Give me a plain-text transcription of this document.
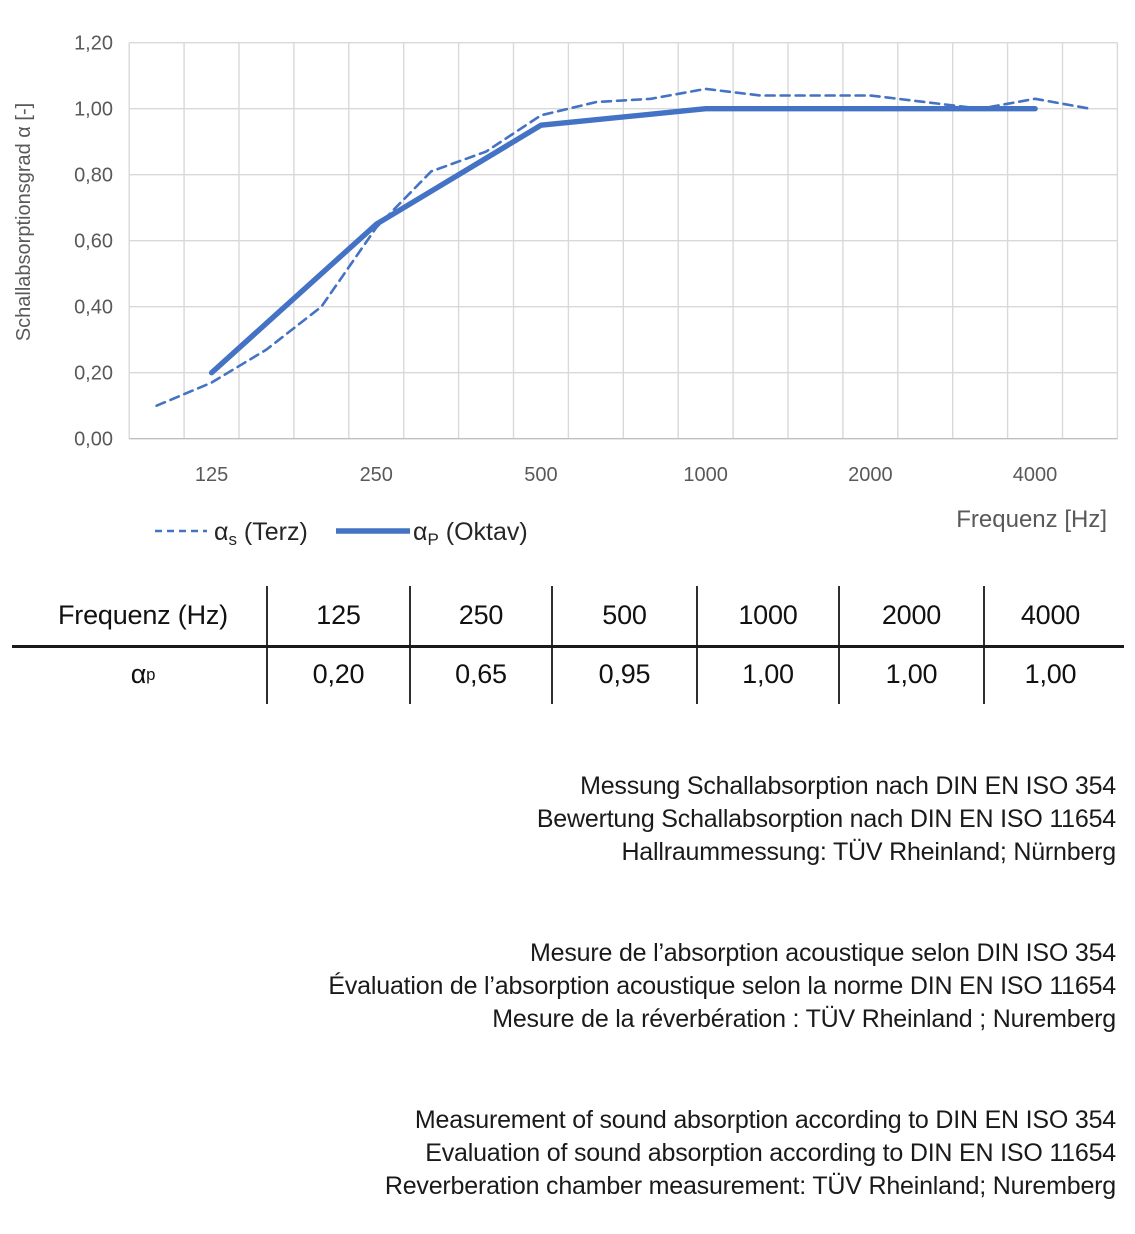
1,20
1,00
0,80
0,60
0,40
0,20
0,00
125	250	500	1000	2000	4000
Schallabsorptionsgrad α [-]
Frequenz [Hz]
$\alpha_s$ (Terz)	$\alpha_P$ (Oktav)
Frequenz (Hz)	125	250	500	1000	2000	4000
α p	0,20	0,65	0,95	1,00	1,00	1,00
Messung Schallabsorption nach DIN EN ISO 354
Bewertung Schallabsorption nach DIN EN ISO 11654
Hallraummessung: TÜV Rheinland; Nürnberg
Mesure de l’absorption acoustique selon DIN ISO 354
Évaluation de l’absorption acoustique selon la norme DIN EN ISO 11654
Mesure de la réverbération : TÜV Rheinland ; Nuremberg
Measurement of sound absorption according to DIN EN ISO 354
Evaluation of sound absorption according to DIN EN ISO 11654
Reverberation chamber measurement: TÜV Rheinland; Nuremberg
